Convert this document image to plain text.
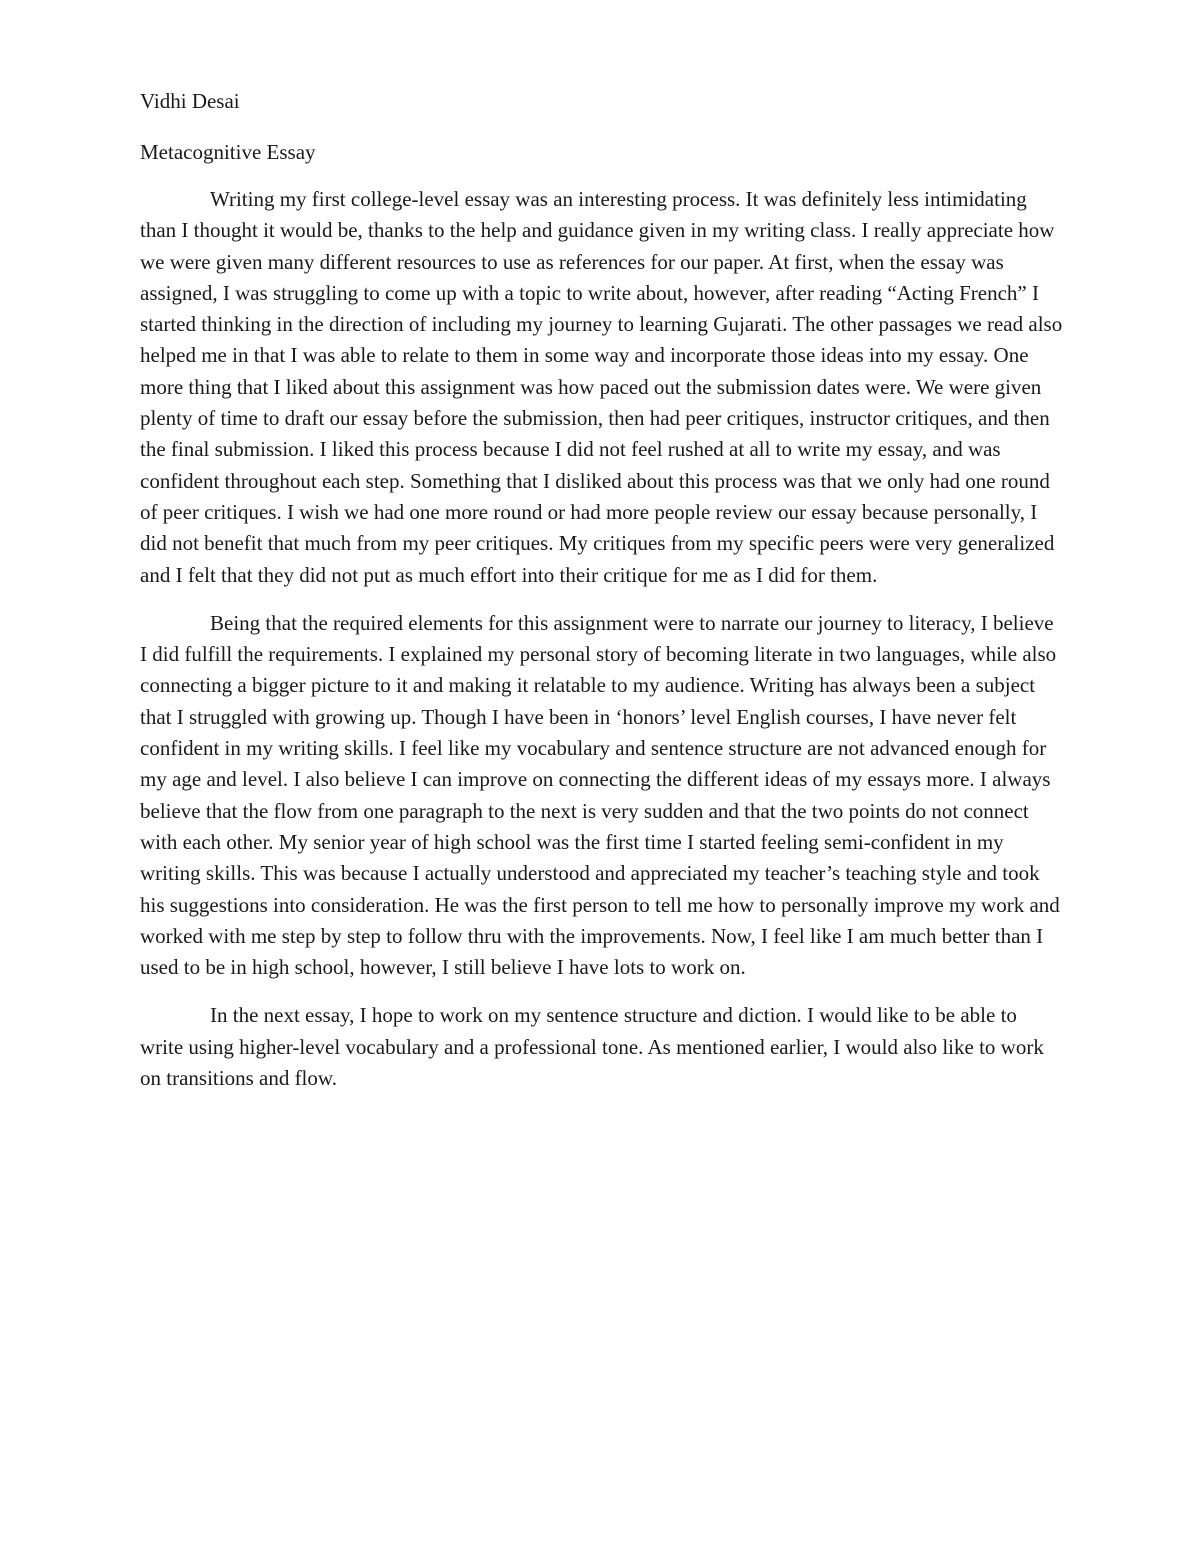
Vidhi Desai
Metacognitive Essay

Writing my first college-level essay was an interesting process. It was definitely less intimidating than I thought it would be, thanks to the help and guidance given in my writing class. I really appreciate how we were given many different resources to use as references for our paper. At first, when the essay was assigned, I was struggling to come up with a topic to write about, however, after reading “Acting French” I started thinking in the direction of including my journey to learning Gujarati. The other passages we read also helped me in that I was able to relate to them in some way and incorporate those ideas into my essay. One more thing that I liked about this assignment was how paced out the submission dates were. We were given plenty of time to draft our essay before the submission, then had peer critiques, instructor critiques, and then the final submission. I liked this process because I did not feel rushed at all to write my essay, and was confident throughout each step. Something that I disliked about this process was that we only had one round of peer critiques. I wish we had one more round or had more people review our essay because personally, I did not benefit that much from my peer critiques. My critiques from my specific peers were very generalized and I felt that they did not put as much effort into their critique for me as I did for them.

Being that the required elements for this assignment were to narrate our journey to literacy, I believe I did fulfill the requirements. I explained my personal story of becoming literate in two languages, while also connecting a bigger picture to it and making it relatable to my audience. Writing has always been a subject that I struggled with growing up. Though I have been in ‘honors’ level English courses, I have never felt confident in my writing skills. I feel like my vocabulary and sentence structure are not advanced enough for my age and level. I also believe I can improve on connecting the different ideas of my essays more. I always believe that the flow from one paragraph to the next is very sudden and that the two points do not connect with each other. My senior year of high school was the first time I started feeling semi-confident in my writing skills. This was because I actually understood and appreciated my teacher’s teaching style and took his suggestions into consideration. He was the first person to tell me how to personally improve my work and worked with me step by step to follow thru with the improvements. Now, I feel like I am much better than I used to be in high school, however, I still believe I have lots to work on.

In the next essay, I hope to work on my sentence structure and diction. I would like to be able to write using higher-level vocabulary and a professional tone. As mentioned earlier, I would also like to work on transitions and flow.
